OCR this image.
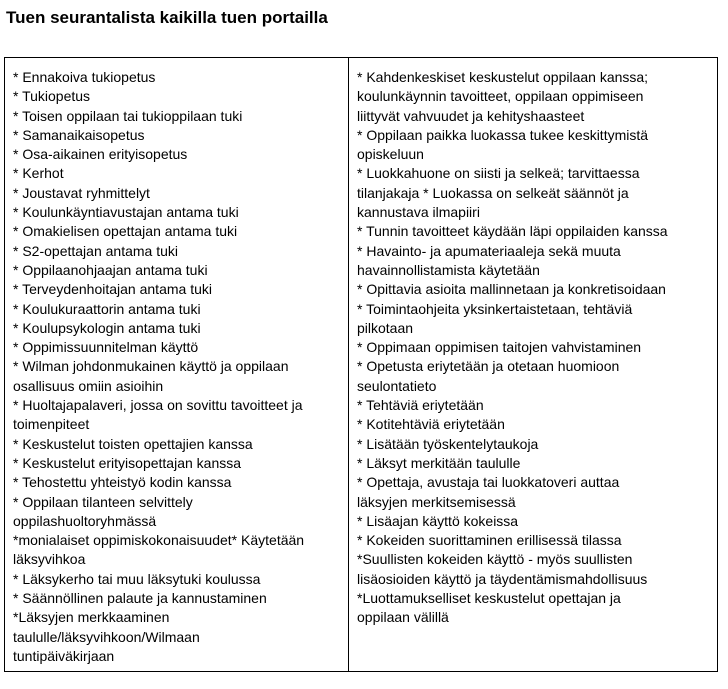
Tuen seurantalista kaikilla tuen portailla
* Ennakoiva tukiopetus
* Tukiopetus
* Toisen oppilaan tai tukioppilaan tuki
* Samanaikaisopetus
* Osa-aikainen erityisopetus
* Kerhot
* Joustavat ryhmittelyt
* Koulunkäyntiavustajan antama tuki
* Omakielisen opettajan antama tuki
* S2-opettajan antama tuki
* Oppilaanohjaajan antama tuki
* Terveydenhoitajan antama tuki
* Koulukuraattorin antama tuki
* Koulupsykologin antama tuki
* Oppimissuunnitelman käyttö
* Wilman johdonmukainen käyttö ja oppilaan
osallisuus omiin asioihin
* Huoltajapalaveri, jossa on sovittu tavoitteet ja
toimenpiteet
* Keskustelut toisten opettajien kanssa
* Keskustelut erityisopettajan kanssa
* Tehostettu yhteistyö kodin kanssa
* Oppilaan tilanteen selvittely
oppilashuoltoryhmässä
*monialaiset oppimiskokonaisuudet* Käytetään
läksyvihkoa
* Läksykerho tai muu läksytuki koulussa
* Säännöllinen palaute ja kannustaminen
*Läksyjen merkkaaminen
taululle/läksyvihkoon/Wilmaan
tuntipäiväkirjaan
* Kahdenkeskiset keskustelut oppilaan kanssa;
koulunkäynnin tavoitteet, oppilaan oppimiseen
liittyvät vahvuudet ja kehityshaasteet
* Oppilaan paikka luokassa tukee keskittymistä
opiskeluun
* Luokkahuone on siisti ja selkeä; tarvittaessa
tilanjakaja * Luokassa on selkeät säännöt ja
kannustava ilmapiiri
* Tunnin tavoitteet käydään läpi oppilaiden kanssa
* Havainto- ja apumateriaaleja sekä muuta
havainnollistamista käytetään
* Opittavia asioita mallinnetaan ja konkretisoidaan
* Toimintaohjeita yksinkertaistetaan, tehtäviä
pilkotaan
* Oppimaan oppimisen taitojen vahvistaminen
* Opetusta eriytetään ja otetaan huomioon
seulontatieto
* Tehtäviä eriytetään
* Kotitehtäviä eriytetään
* Lisätään työskentelytaukoja
* Läksyt merkitään taululle
* Opettaja, avustaja tai luokkatoveri auttaa
läksyjen merkitsemisessä
* Lisäajan käyttö kokeissa
* Kokeiden suorittaminen erillisessä tilassa
*Suullisten kokeiden käyttö - myös suullisten
lisäosioiden käyttö ja täydentämismahdollisuus
*Luottamukselliset keskustelut opettajan ja
oppilaan välillä
